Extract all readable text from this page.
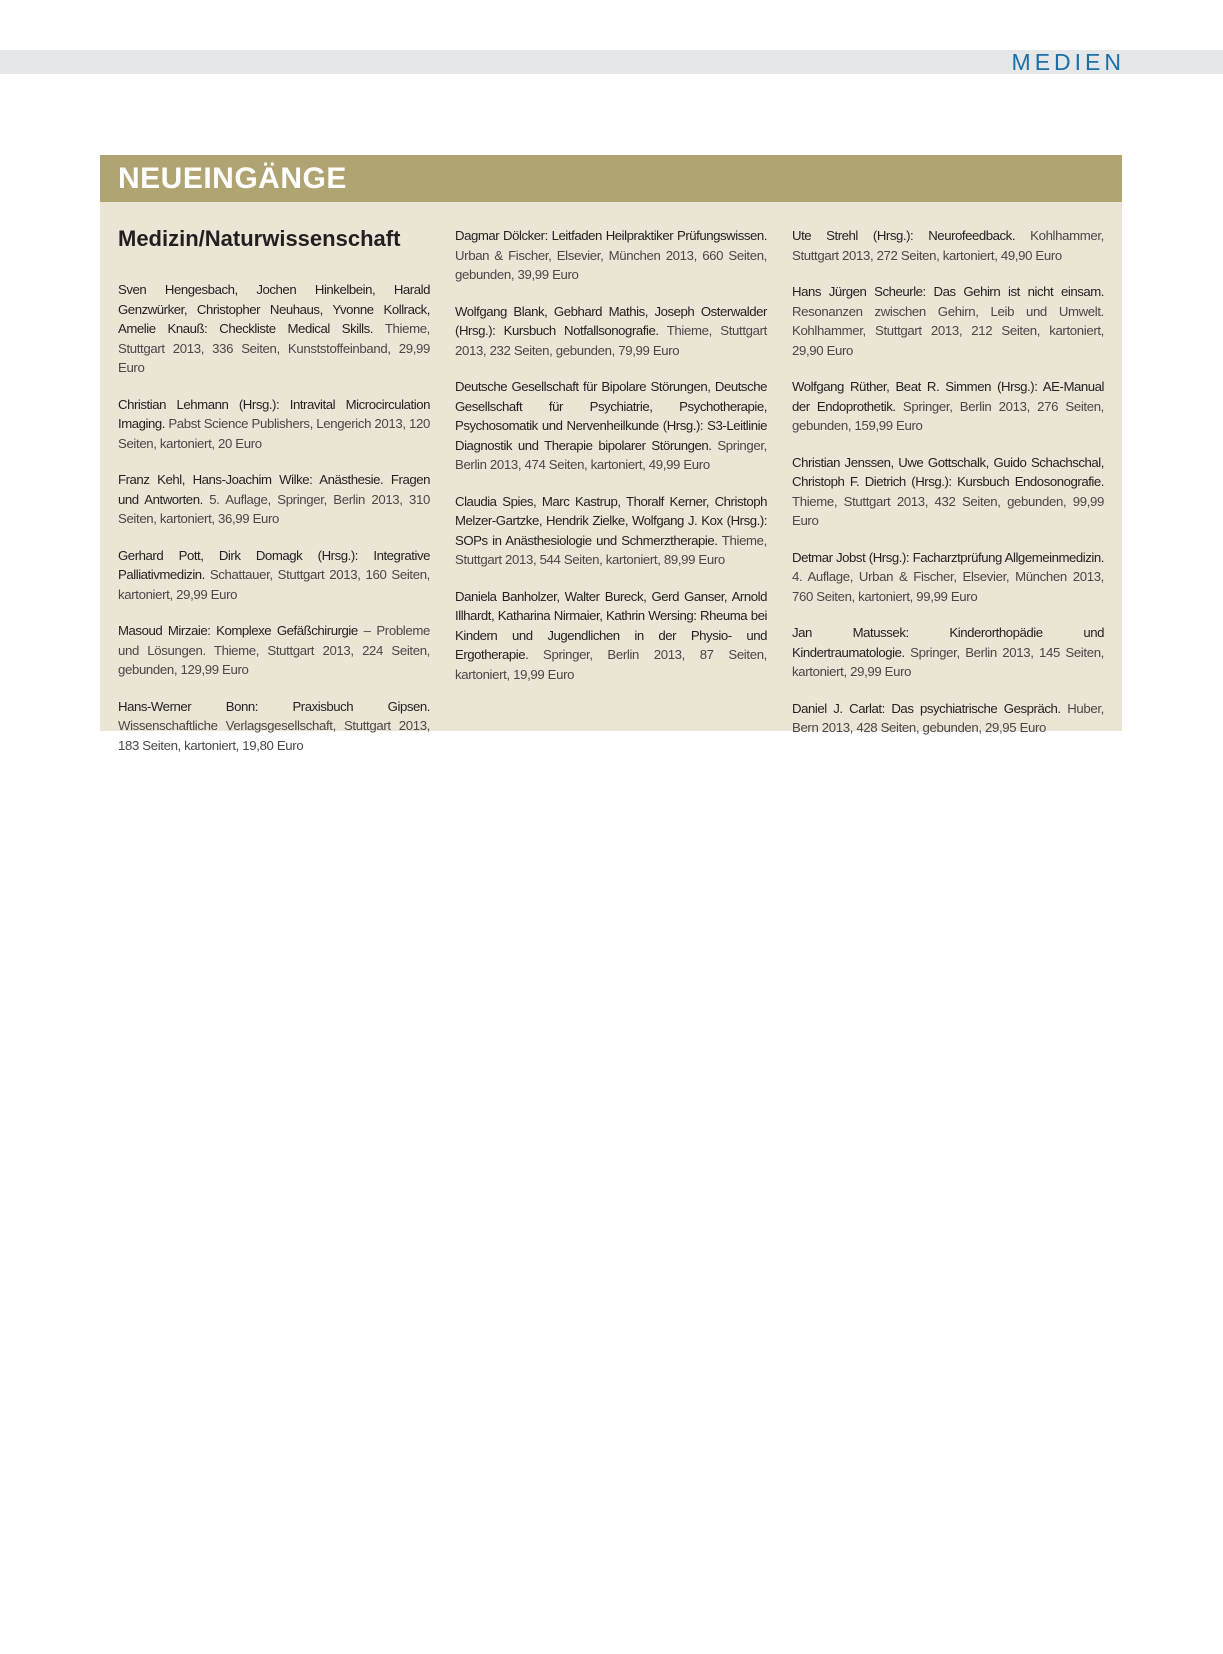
MEDIEN
NEUEINGÄNGE
Medizin/Naturwissenschaft

Sven Hengesbach, Jochen Hinkelbein, Harald Genzwürker, Christopher Neuhaus, Yvonne Kollrack, Amelie Knauß: Checkliste Medical Skills. Thieme, Stuttgart 2013, 336 Seiten, Kunststoffeinband, 29,99 Euro

Christian Lehmann (Hrsg.): Intravital Microcirculation Imaging. Pabst Science Publishers, Lengerich 2013, 120 Seiten, kartoniert, 20 Euro

Franz Kehl, Hans-Joachim Wilke: Anästhesie. Fragen und Antworten. 5. Auflage, Springer, Berlin 2013, 310 Seiten, kartoniert, 36,99 Euro

Gerhard Pott, Dirk Domagk (Hrsg.): Integrative Palliativmedizin. Schattauer, Stuttgart 2013, 160 Seiten, kartoniert, 29,99 Euro

Masoud Mirzaie: Komplexe Gefäßchirurgie – Probleme und Lösungen. Thieme, Stuttgart 2013, 224 Seiten, gebunden, 129,99 Euro

Hans-Werner Bonn: Praxisbuch Gipsen. Wissenschaftliche Verlagsgesellschaft, Stuttgart 2013, 183 Seiten, kartoniert, 19,80 Euro

Dagmar Dölcker: Leitfaden Heilpraktiker Prüfungswissen. Urban & Fischer, Elsevier, München 2013, 660 Seiten, gebunden, 39,99 Euro

Wolfgang Blank, Gebhard Mathis, Joseph Osterwalder (Hrsg.): Kursbuch Notfallsonografie. Thieme, Stuttgart 2013, 232 Seiten, gebunden, 79,99 Euro

Deutsche Gesellschaft für Bipolare Störungen, Deutsche Gesellschaft für Psychiatrie, Psychotherapie, Psychosomatik und Nervenheilkunde (Hrsg.): S3-Leitlinie Diagnostik und Therapie bipolarer Störungen. Springer, Berlin 2013, 474 Seiten, kartoniert, 49,99 Euro

Claudia Spies, Marc Kastrup, Thoralf Kerner, Christoph Melzer-Gartzke, Hendrik Zielke, Wolfgang J. Kox (Hrsg.): SOPs in Anästhesiologie und Schmerztherapie. Thieme, Stuttgart 2013, 544 Seiten, kartoniert, 89,99 Euro

Daniela Banholzer, Walter Bureck, Gerd Ganser, Arnold Illhardt, Katharina Nirmaier, Kathrin Wersing: Rheuma bei Kindern und Jugendlichen in der Physio- und Ergotherapie. Springer, Berlin 2013, 87 Seiten, kartoniert, 19,99 Euro

Ute Strehl (Hrsg.): Neurofeedback. Kohlhammer, Stuttgart 2013, 272 Seiten, kartoniert, 49,90 Euro

Hans Jürgen Scheurle: Das Gehirn ist nicht einsam. Resonanzen zwischen Gehirn, Leib und Umwelt. Kohlhammer, Stuttgart 2013, 212 Seiten, kartoniert, 29,90 Euro

Wolfgang Rüther, Beat R. Simmen (Hrsg.): AE-Manual der Endoprothetik. Springer, Berlin 2013, 276 Seiten, gebunden, 159,99 Euro

Christian Jenssen, Uwe Gottschalk, Guido Schachschal, Christoph F. Dietrich (Hrsg.): Kursbuch Endosonografie. Thieme, Stuttgart 2013, 432 Seiten, gebunden, 99,99 Euro

Detmar Jobst (Hrsg.): Facharztprüfung Allgemeinmedizin. 4. Auflage, Urban & Fischer, Elsevier, München 2013, 760 Seiten, kartoniert, 99,99 Euro

Jan Matussek: Kinderorthopädie und Kindertraumatologie. Springer, Berlin 2013, 145 Seiten, kartoniert, 29,99 Euro

Daniel J. Carlat: Das psychiatrische Gespräch. Huber, Bern 2013, 428 Seiten, gebunden, 29,95 Euro
